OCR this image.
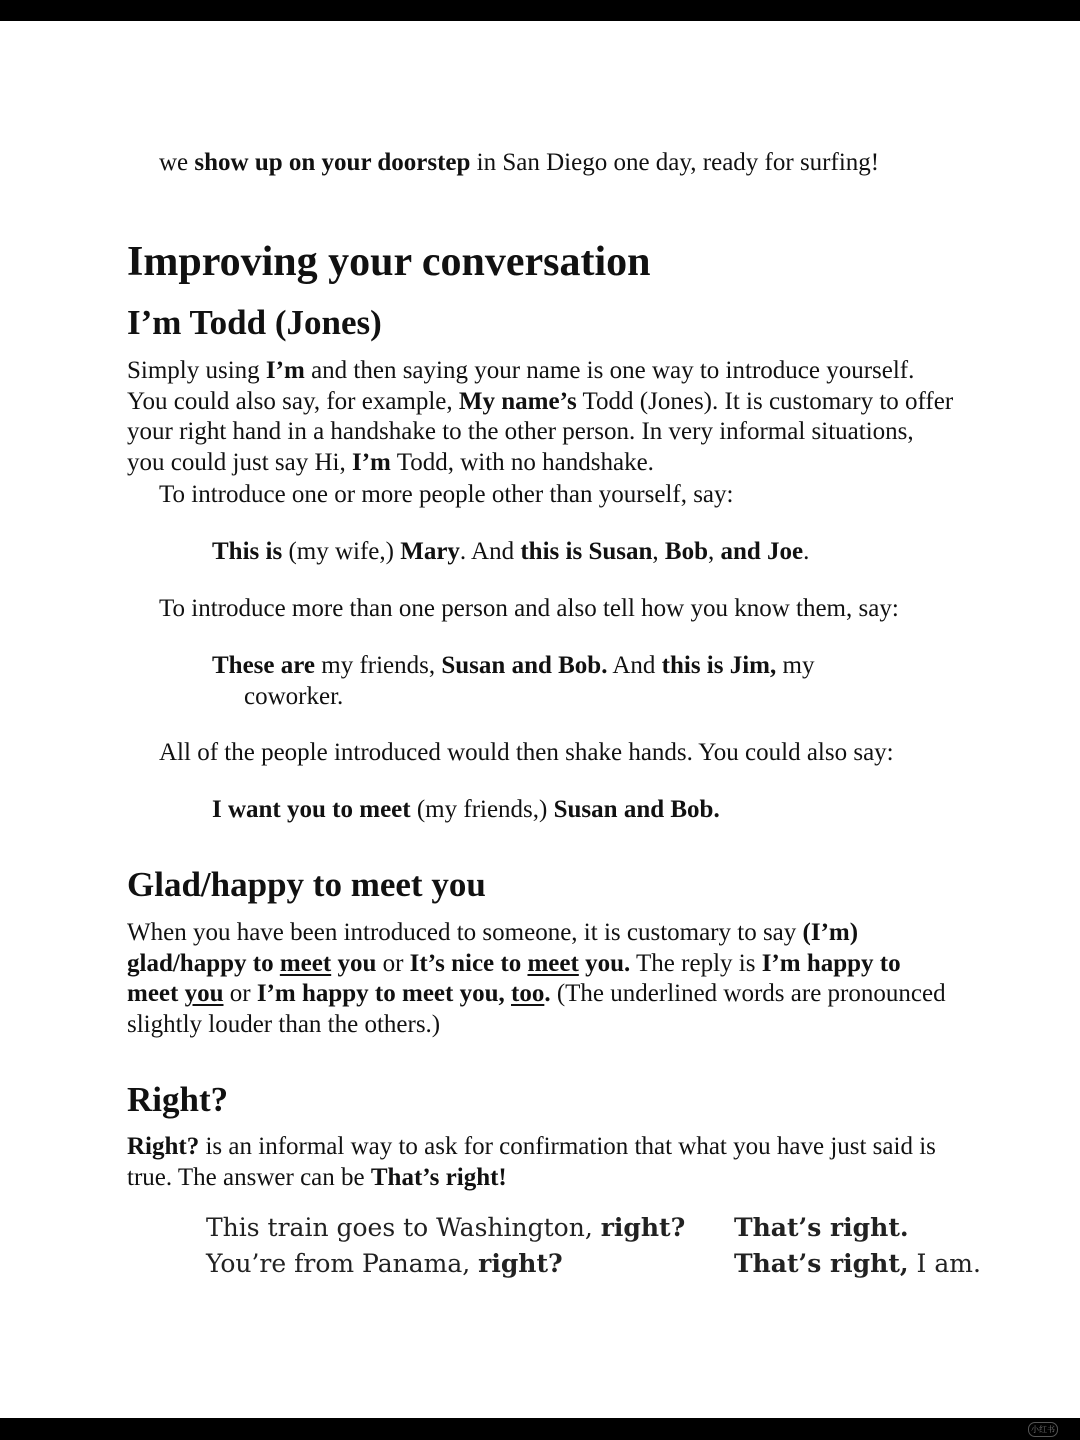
we show up on your doorstep in San Diego one day, ready for surfing!

Improving your conversation
I’m Todd (Jones)

Simply using I’m and then saying your name is one way to introduce yourself. You could also say, for example, My name’s Todd (Jones). It is customary to offer your right hand in a handshake to the other person. In very informal situations, you could just say Hi, I’m Todd, with no handshake.

To introduce one or more people other than yourself, say:

This is (my wife,) Mary. And this is Susan, Bob, and Joe.

To introduce more than one person and also tell how you know them, say:

These are my friends, Susan and Bob. And this is Jim, my coworker.

All of the people introduced would then shake hands. You could also say:

I want you to meet (my friends,) Susan and Bob.

Glad/happy to meet you

When you have been introduced to someone, it is customary to say (I’m) glad/happy to meet you or It’s nice to meet you. The reply is I’m happy to meet you or I’m happy to meet you, too. (The underlined words are pronounced slightly louder than the others.)

Right?

Right? is an informal way to ask for confirmation that what you have just said is true. The answer can be That’s right!

This train goes to Washington, right? That’s right.
You’re from Panama, right?	That’s right, I am.
小红书
